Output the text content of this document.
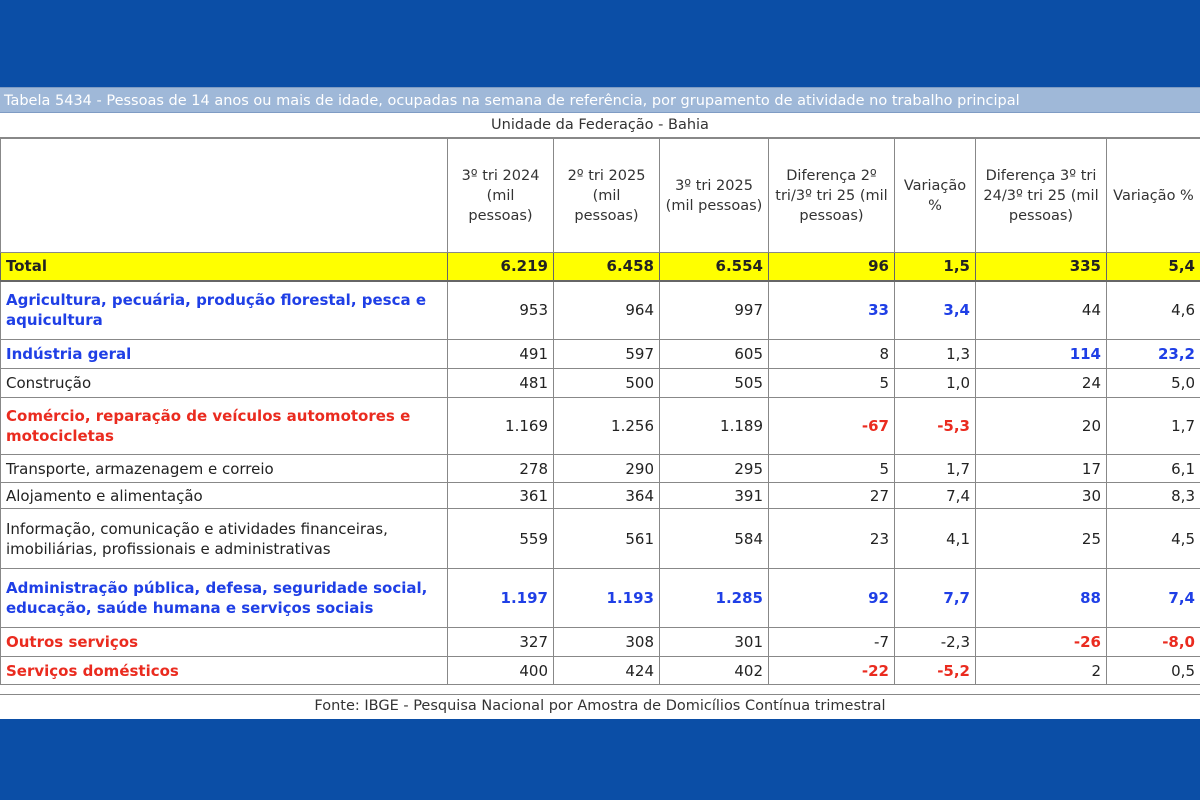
Tabela 5434 - Pessoas de 14 anos ou mais de idade, ocupadas na semana de referência, por grupamento de atividade no trabalho principal
Unidade da Federação - Bahia
	3º tri 2024 (mil pessoas)	2º tri 2025 (mil pessoas)	3º tri 2025 (mil pessoas)	Diferença 2º tri/3º tri 25 (mil pessoas)	Variação %	Diferença 3º tri 24/3º tri 25 (mil pessoas)	Variação %
Total	6.219	6.458	6.554	96	1,5	335	5,4
Agricultura, pecuária, produção florestal, pesca e aquicultura	953	964	997	33	3,4	44	4,6
Indústria geral	491	597	605	8	1,3	114	23,2
Construção	481	500	505	5	1,0	24	5,0
Comércio, reparação de veículos automotores e motocicletas	1.169	1.256	1.189	-67	-5,3	20	1,7
Transporte, armazenagem e correio	278	290	295	5	1,7	17	6,1
Alojamento e alimentação	361	364	391	27	7,4	30	8,3
Informação, comunicação e atividades financeiras, imobiliárias, profissionais e administrativas	559	561	584	23	4,1	25	4,5
Administração pública, defesa, seguridade social, educação, saúde humana e serviços sociais	1.197	1.193	1.285	92	7,7	88	7,4
Outros serviços	327	308	301	-7	-2,3	-26	-8,0
Serviços domésticos	400	424	402	-22	-5,2	2	0,5
Fonte: IBGE - Pesquisa Nacional por Amostra de Domicílios Contínua trimestral
